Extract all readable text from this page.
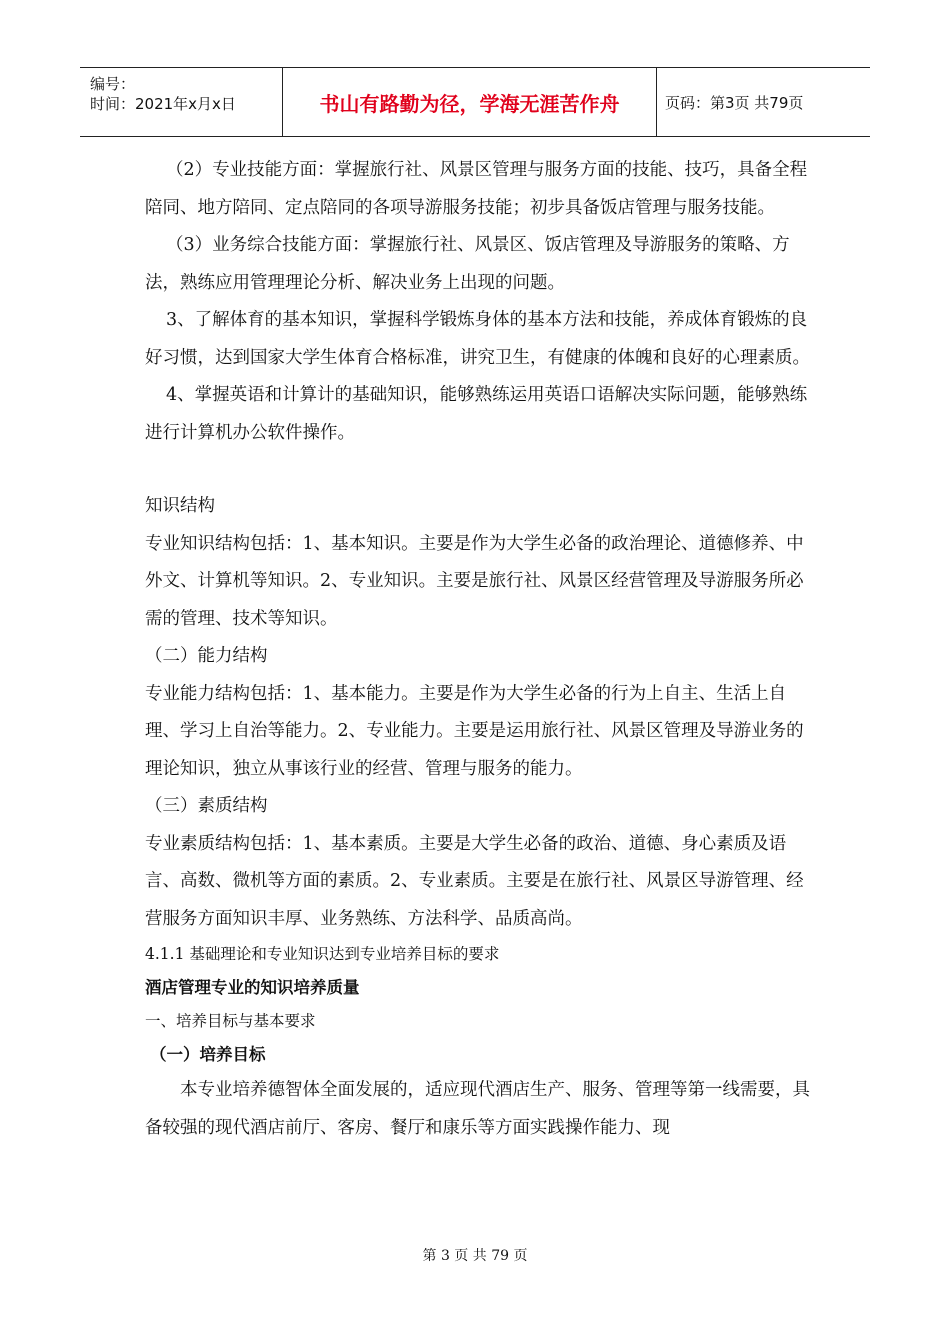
编号：
时间：2021年x月x日	书山有路勤为径，学海无涯苦作舟	页码：第3页 共79页

（2）专业技能方面：掌握旅行社、风景区管理与服务方面的技能、技巧，具备全程陪同、地方陪同、定点陪同的各项导游服务技能；初步具备饭店管理与服务技能。

（3）业务综合技能方面：掌握旅行社、风景区、饭店管理及导游服务的策略、方法，熟练应用管理理论分析、解决业务上出现的问题。

3、了解体育的基本知识，掌握科学锻炼身体的基本方法和技能，养成体育锻炼的良好习惯，达到国家大学生体育合格标准，讲究卫生，有健康的体魄和良好的心理素质。

4、掌握英语和计算计的基础知识，能够熟练运用英语口语解决实际问题，能够熟练进行计算机办公软件操作。

知识结构

专业知识结构包括：1、基本知识。主要是作为大学生必备的政治理论、道德修养、中外文、计算机等知识。2、专业知识。主要是旅行社、风景区经营管理及导游服务所必需的管理、技术等知识。

（二）能力结构

专业能力结构包括：1、基本能力。主要是作为大学生必备的行为上自主、生活上自理、学习上自治等能力。2、专业能力。主要是运用旅行社、风景区管理及导游业务的理论知识，独立从事该行业的经营、管理与服务的能力。

（三）素质结构

专业素质结构包括：1、基本素质。主要是大学生必备的政治、道德、身心素质及语言、高数、微机等方面的素质。2、专业素质。主要是在旅行社、风景区导游管理、经营服务方面知识丰厚、业务熟练、方法科学、品质高尚。

4.1.1 基础理论和专业知识达到专业培养目标的要求

酒店管理专业的知识培养质量

一、培养目标与基本要求

（一）培养目标

本专业培养德智体全面发展的，适应现代酒店生产、服务、管理等第一线需要，具备较强的现代酒店前厅、客房、餐厅和康乐等方面实践操作能力、现

第 3 页 共 79 页
